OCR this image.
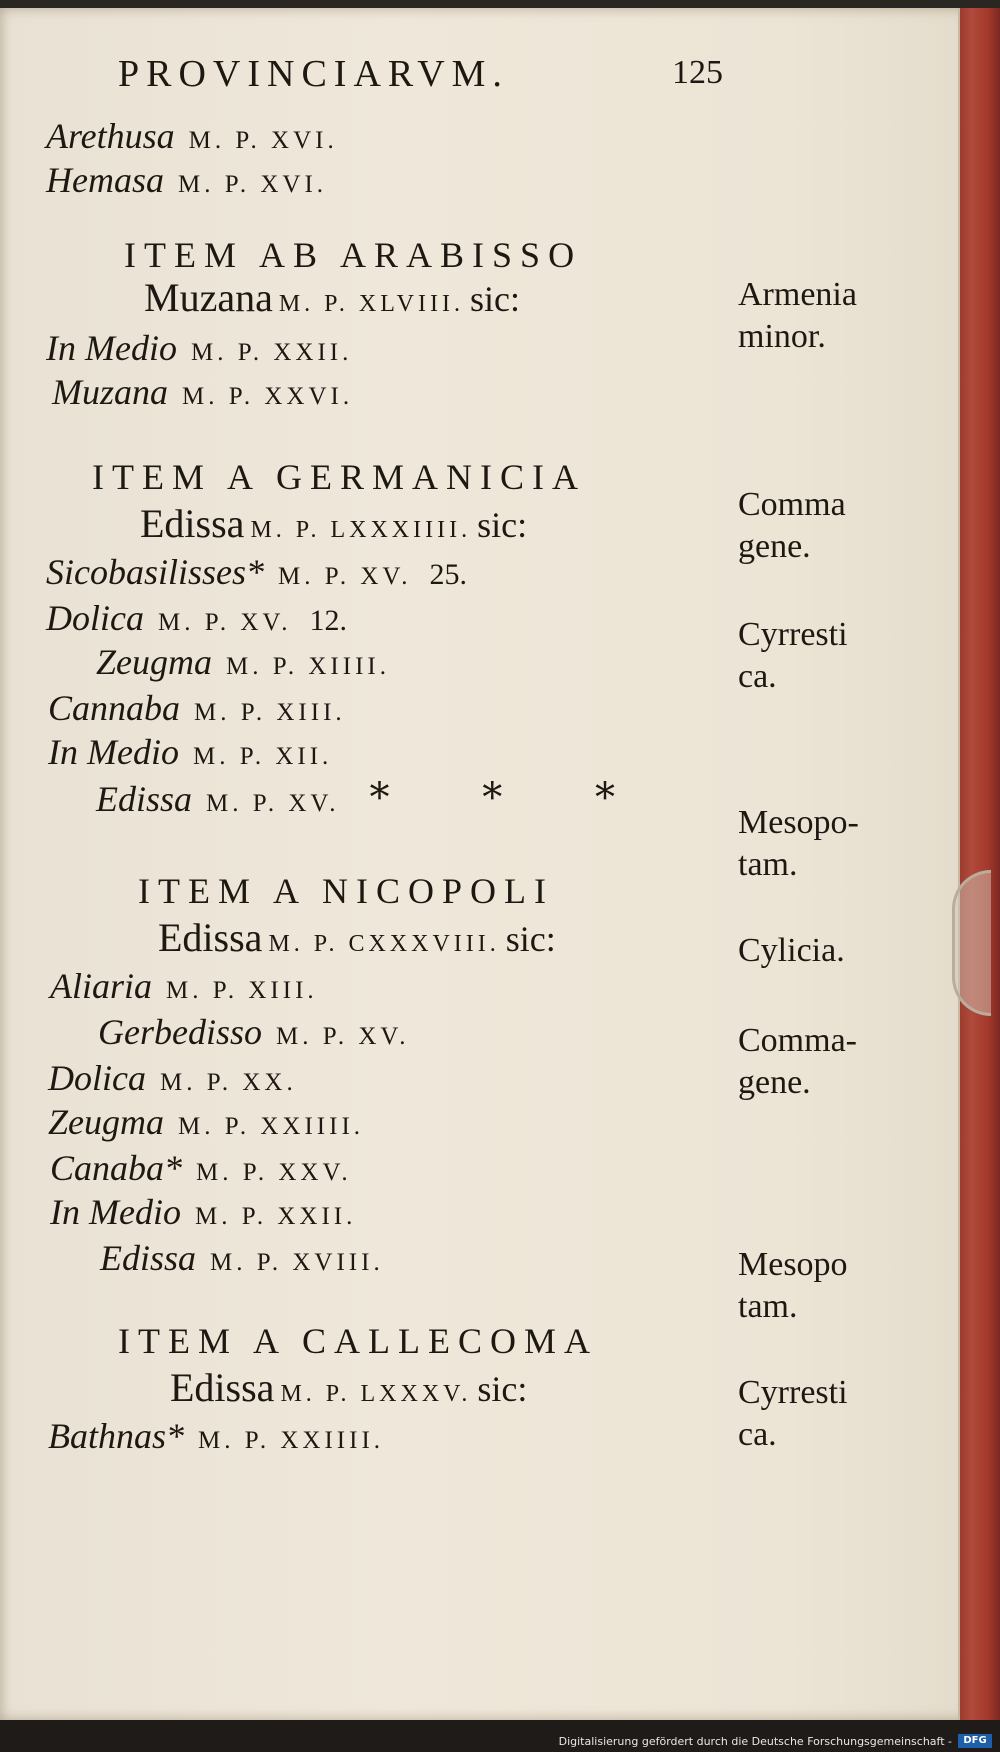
PROVINCIARVM.	125
Arethusa M. P. XVI.
Hemasa M. P. XVI.
ITEM AB ARABISSO
Muzana M. P. XLVIII. sic:
In Medio M. P. XXII.
Muzana M. P. XXVI.
ITEM A GERMANICIA
Edissa M. P. LXXXIIII. sic:
Sicobasilisses* M. P. XV. 25.
Dolica M. P. XV. 12.
Zeugma M. P. XIIII.
Cannaba M. P. XIII.
In Medio M. P. XII.
Edissa M. P. XV. * * *
ITEM A NICOPOLI
Edissa M. P. CXXXVIII. sic:
Aliaria M. P. XIII.
Gerbedisso M. P. XV.
Dolica M. P. XX.
Zeugma M. P. XXIIII.
Canaba* M. P. XXV.
In Medio M. P. XXII.
Edissa M. P. XVIII.
ITEM A CALLECOMA
Edissa M. P. LXXXV. sic:
Bathnas* M. P. XXIIII.
Armenia
minor.
Comma
gene.
Cyrresti
ca.
Mesopo-
tam.
Cylicia.
Comma-
gene.
Mesopo
tam.
Cyrresti
ca.
Digitalisierung gefördert durch die Deutsche Forschungsgemeinschaft -	DFG
